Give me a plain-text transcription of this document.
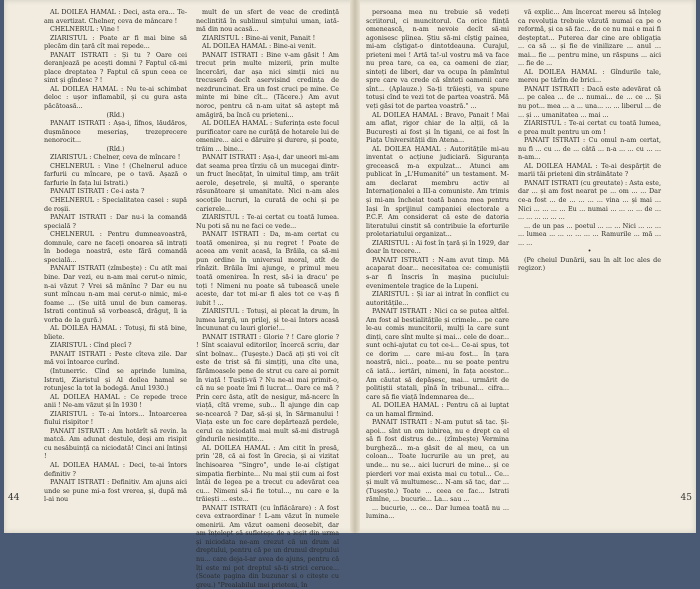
AL DOILEA HAMAL : Deci, asta era... Te-am avertizat. Chelner, ceva de mâncare !

CHELNERUL : Vine !

ZIARISTUL : Poate ar fi mai bine să plecăm din țară cît mai repede...

PANAIT ISTRATI : Și tu ? Oare cei deranjează pe acești domni ? Faptul că-mi place dreptatea ? Faptul că spun ceea ce simt și gîndesc ? !

AL DOILEA HAMAL : Nu te-ai schimbat deloc : ușor inflamabil, și cu gura asta păcătoasă...

(Rîd.)

PANAIT ISTRATI : Așa-i, lîfnos, lăudăros, dușmănoce meseriaș, trezeprecere nenorocit...

(Rîd.)

ZIARISTUL : Chelner, ceva de mîncare !

CHELNERUL : Vine ! (Chelnerul aduce farfurii cu mîncare, pe o tavă. Așază o farfurie în fața lui Istrati.)

PANAIT ISTRATI : Ce-i asta ?

CHELNERUL : Specialitatea casei : supă de roșii.

PANAIT ISTRATI : Dar nu-i la comandă specială ?

CHELNERUL : Pentru dumneavoastră, domnule, care ne faceți onoarea să intrați în bodega noastră, este fără comandă specială...

PANAIT ISTRATI (zîmbește) : Cu atît mai bine. Dar vezi, eu n-am mai cerut-o nimic, n-ai văzut ? Vrei să mănînc ? Dar eu nu sunt mîncau n-am mai cerut-o nimic, mi-e foame ... (Se uită unul de bun cameraș. Istrati continuă să vorbească, drăguț, îi ia vorba de la gură.)

AL DOILEA HAMAL : Totuși, fii stă bine, bîiete.

ZIARISTUL : Cînd plecî ?

PANAIT ISTRATI : Peste cîteva zile. Dar mă voi întoarce curînd.

(Intunerric. Cînd se aprinde lumina, Istrati, Ziaristul și Al doilea hamal se rotunjesc la tot la bodegă. Anul 1930.)

AL DOILEA HAMAL : Ce repede trece anii ! Ne-am văzut și în 1930 !

ZIARISTUL : Te-ai întors... Întoarcerea fiului risipitor !

PANAIT ISTRATI : Am hotărît să revin. la matcă. Am adunat destule, deși am risipit cu nesăbuință ca niciodată! Cinci ani întinși !

AL DOILEA HAMAL : Deci, te-ai întors definitiv ?

PANAIT ISTRATI : Definitiv. Am ajuns aici unde se pune mi-a fost vrerea, și, după mă l-ai nou

mult de un sfert de veac de credință neclintită în sublimul simțului uman, iată-mă din nou acasă...

ZIARISTUL : Bine-ai venit, Panait !

AL DOILEA HAMAL : Bine-ai venit.

PANAIT ISTRATI : Bine v-am găsit ! Am trecut prin multe mizerii, prin multe încercări, dar așa nici simții nici nu trecuseră decît aservisind credința de nezdruncinat. Era un fost cruci pe mine. Ce minte mi bine cît... (Tăcere.) Am avut noroc, pentru că n-am uitat să aștept mă amăgiră, ba încă cu prieteni...

AL DOILEA HAMAL : Suferința este focul purificator care ne curăță de hotarele lui de omenire... aici e dăruire și durere, și poate, trăim ... bine...

PANAIT ISTRATI : Așa-i, dar uneori mi-am dat seama prea tîrziu că un mucegai dintr-un fruct înecățat, în uimitul timp, am trăit aerole, deșetrele, și multă, o speranțe răsunătoare și umanitate. Nici n-am ales socoțile lucruri, la curată de ochi și pe carierele...

ZIARISTUL : Te-ai certat cu toată lumea. Nu poti să nu ne faci ce vede...

PANAIT ISTRATI : Da, m-am certat cu toată omenirea, și nu regret ! Poate de aceea am venit acasă, la Brăila, ca să-mi pun ordine în universul moral, atît de rînăzit. Brăila îmi ajunge, e primul meu toată omenirea. În rest, să-i ia dracu' pe toți ! Nimeni nu poate să tubească unele aceste, dar tot mi-ar fi ales tot ce v-aș fi iubit ! ...

ZIARISTUL : Totuși, ai plecat la drum, în lumea largă, un prilej, și te-ai întors acasă încununat cu lauri glorie!...

PANAIT ISTRATI : Glorie ? ! Care glorie ? ! Sînt scaiavul editorilor, încercă scriu, dar sînt bolnav... (Tușește.) Dacă ați ști voi cît este de trist să fii simțiți, una cîte una, fărămoasele pene de strut cu care ai pornit în viață ! Tusiți-vă ? Nu ne-ai mai primit-o, că nu se poate îmi fi lucrat... Oare ce mă ? Prin cerc ăsta, atît de nesigur, mă-ncerc în viață, cîtă vreme, sub... Îl ajunge din cap se-ncearcă ? Dar, să-și și, în Sărmanului ! Viața este un foc care depărtează perdele, cerul ca niciodată mai mult să-mi distrugă gîndurile nesimțite...

AL DOILEA HAMAL : Am citit în presă, prin '28, că ai fost în Grecia, și ai vizitat închisoarea "Singro", unde le-ai cîștigat simpatia fierbinte... Nu mai știi cum ai fost întâi de legea pe a trecut cu adevărat cea cu... Nimeni să-i fie totul..., nu care e la trăiești ... este...

PANAIT ISTRATI (cu înflăcărare) : A fost ceva extraordinar ! L-am văzut în numele omenirii. Am văzut oameni deosebit, dar am înțelept să sufleteșc de a ieșit din urma și niciodata ne-am crezut că un drum al dreptului, pentru că pe un drumul dreptului nu... care deja-l-ar avea de ajuns, pentru că îți este mi pot dreptul să-ți strici ceruce... (Scoate pagina din buzunar și o citește cu greu.) "Prealabilul mei prieteni, în

44

persoana mea nu trebuie să vedeți scriitorul, ci muncitorul. Ca orice ființă omenească, n-am nevoie decît să-mi agonisesc pîinea. Știu să-mi cîștig painea, mi-am cîștigat-o dintotdeauna. Curajul, prieteni mei ! Artă ta!-ul vostru mă va face nu prea tare, ca ea, ca oameni de ziar, sinteți de liberi, dar va ocupa în pămîntul spre care va crede că sînteți oamenii care sînt... (Aplauze.) Sa-ți trăiești, va spune totuși cînd te vezi tot de partea voastră. Mă veți găsi tot de partea voastră." ...

AL DOILEA HAMAL : Bravo, Panait ! Mai am aflat, rigor chiar de la alții, că la București ai fost și în tigani, ce ai fost în Piața Universității din Atena...

AL DOILEA HAMAL : Autoritățile mi-au inventat o acțiune judiciară. Siguranța grecească m-a expulzat... Atunci am publicat în „L'Humanité” un testament. M-am declarat membru activ al Internaționalei a III-a comuniste. Am trimis și mi-am încheiat toată banca mea pentru Iași în sprijinul campaniei electorale a P.C.F. Am considerat că este de datoria literatului cinstit să contribuie la eforturile proletariatului organizat...

ZIARISTUL : Ai fost în țară și în 1929, dar doar în trecere...

PANAIT ISTRATI : N-am avut timp. Mă acaparat doar... necesitatea ce: comuniștii s-ar fi înscris în mașina puciului: evenimentele tragice de la Lupeni.

ZIARISTUL : Și iar ai intrat în conflict cu autoritățile...

PANAIT ISTRATI : Nici ca se putea altfel. Am fost al bestialitățile și crimele... pe care le-au comis muncitorii, mulți la care sunt dinți, care sînt multe și mai... cele de doar... sunt ochi-ajutat cu tot ce-i... Ce-ai spus, tot ce dorim ... care mi-au fost... în țara noastră, nici... poate... nu se poate pentru că iată... iertări, nimeni, în fața acestor... Am căutat să depășesc, mai... urmărit de politiștii statali, pînă în tribunal... cifra... care să fie viață îndemnarea de...

AL DOILEA HAMAL : Pentru că ai luptat ca un hamal fîrmind.

PANAIT ISTRATI : N-am putut să tac. Și-apoi... sînt un om iubirea, nu e drept ca el să fi fost distrus de... (zîmbește) Vermina burgheză... m-a găsit de al meu, ca un coloan... Toate lucrurile au un preț, au unde... nu se... aici lucruri de mine... și ce pierderi vor mai exista mai cu totul... Ce... și mult vă multumesc... N-am să tac, dar ... (Tușește.) Toate ... ceea ce fac... Istrati rămîne, ... bucurie... La... sau ...

... bucurie, ... ce... Dar lumea toată nu ... lumina...

vă explic... Am încercat mereu să înțeleg ca revoluția trebuie văzută numai ca pe o reformă, și ca să fac... de ce nu mai e mai fi deșteptat... Puterea dar cine are obligația ... ca să ... și fie de vinilizare ... anul ... mai... fie ... pentru mine, un răspuns ... aici ... fie de ...

AL DOILEA HAMAL : Gîndurile tale, mereu pe tărîm de brici...

PANAIT ISTRATI : Dacă este adevărat că ... pe calea ... de ... numai... de ... ce ... Și nu pot... mea ... a ... una... ... ... liberul ... de ... și ... umanitatea ... mai ...

ZIARISTUL : Te-ai certat cu toată lumea, e prea mult pentru un om !

PANAIT ISTRATI : Cu omul n-am certat, nu fi ... cu ... de ... câtă ... n-a ... ... cu ... ... n-am...

AL DOILEA HAMAL : Te-ai despărțit de marii tăi prieteni din străinătate ?

PANAIT ISTRATI (cu greutate) : Asta este, dar ... și am fost nearat pe ... om ... ... Dar ce-a fost ... de ... ... ... ... vina ... și mai ... Nici ... ... ... ... Eu ... numai ... ... ... ... de ... ... ... ... ... ... ...

... de un pas ... poetul ... ... ... Nici ... ... ... ... lumea ... ... ... ... ... ... Ramurile ... mă ... ... ...

•

(Pe cheiul Dunării, sau în alt loc ales de regizor.)

45
